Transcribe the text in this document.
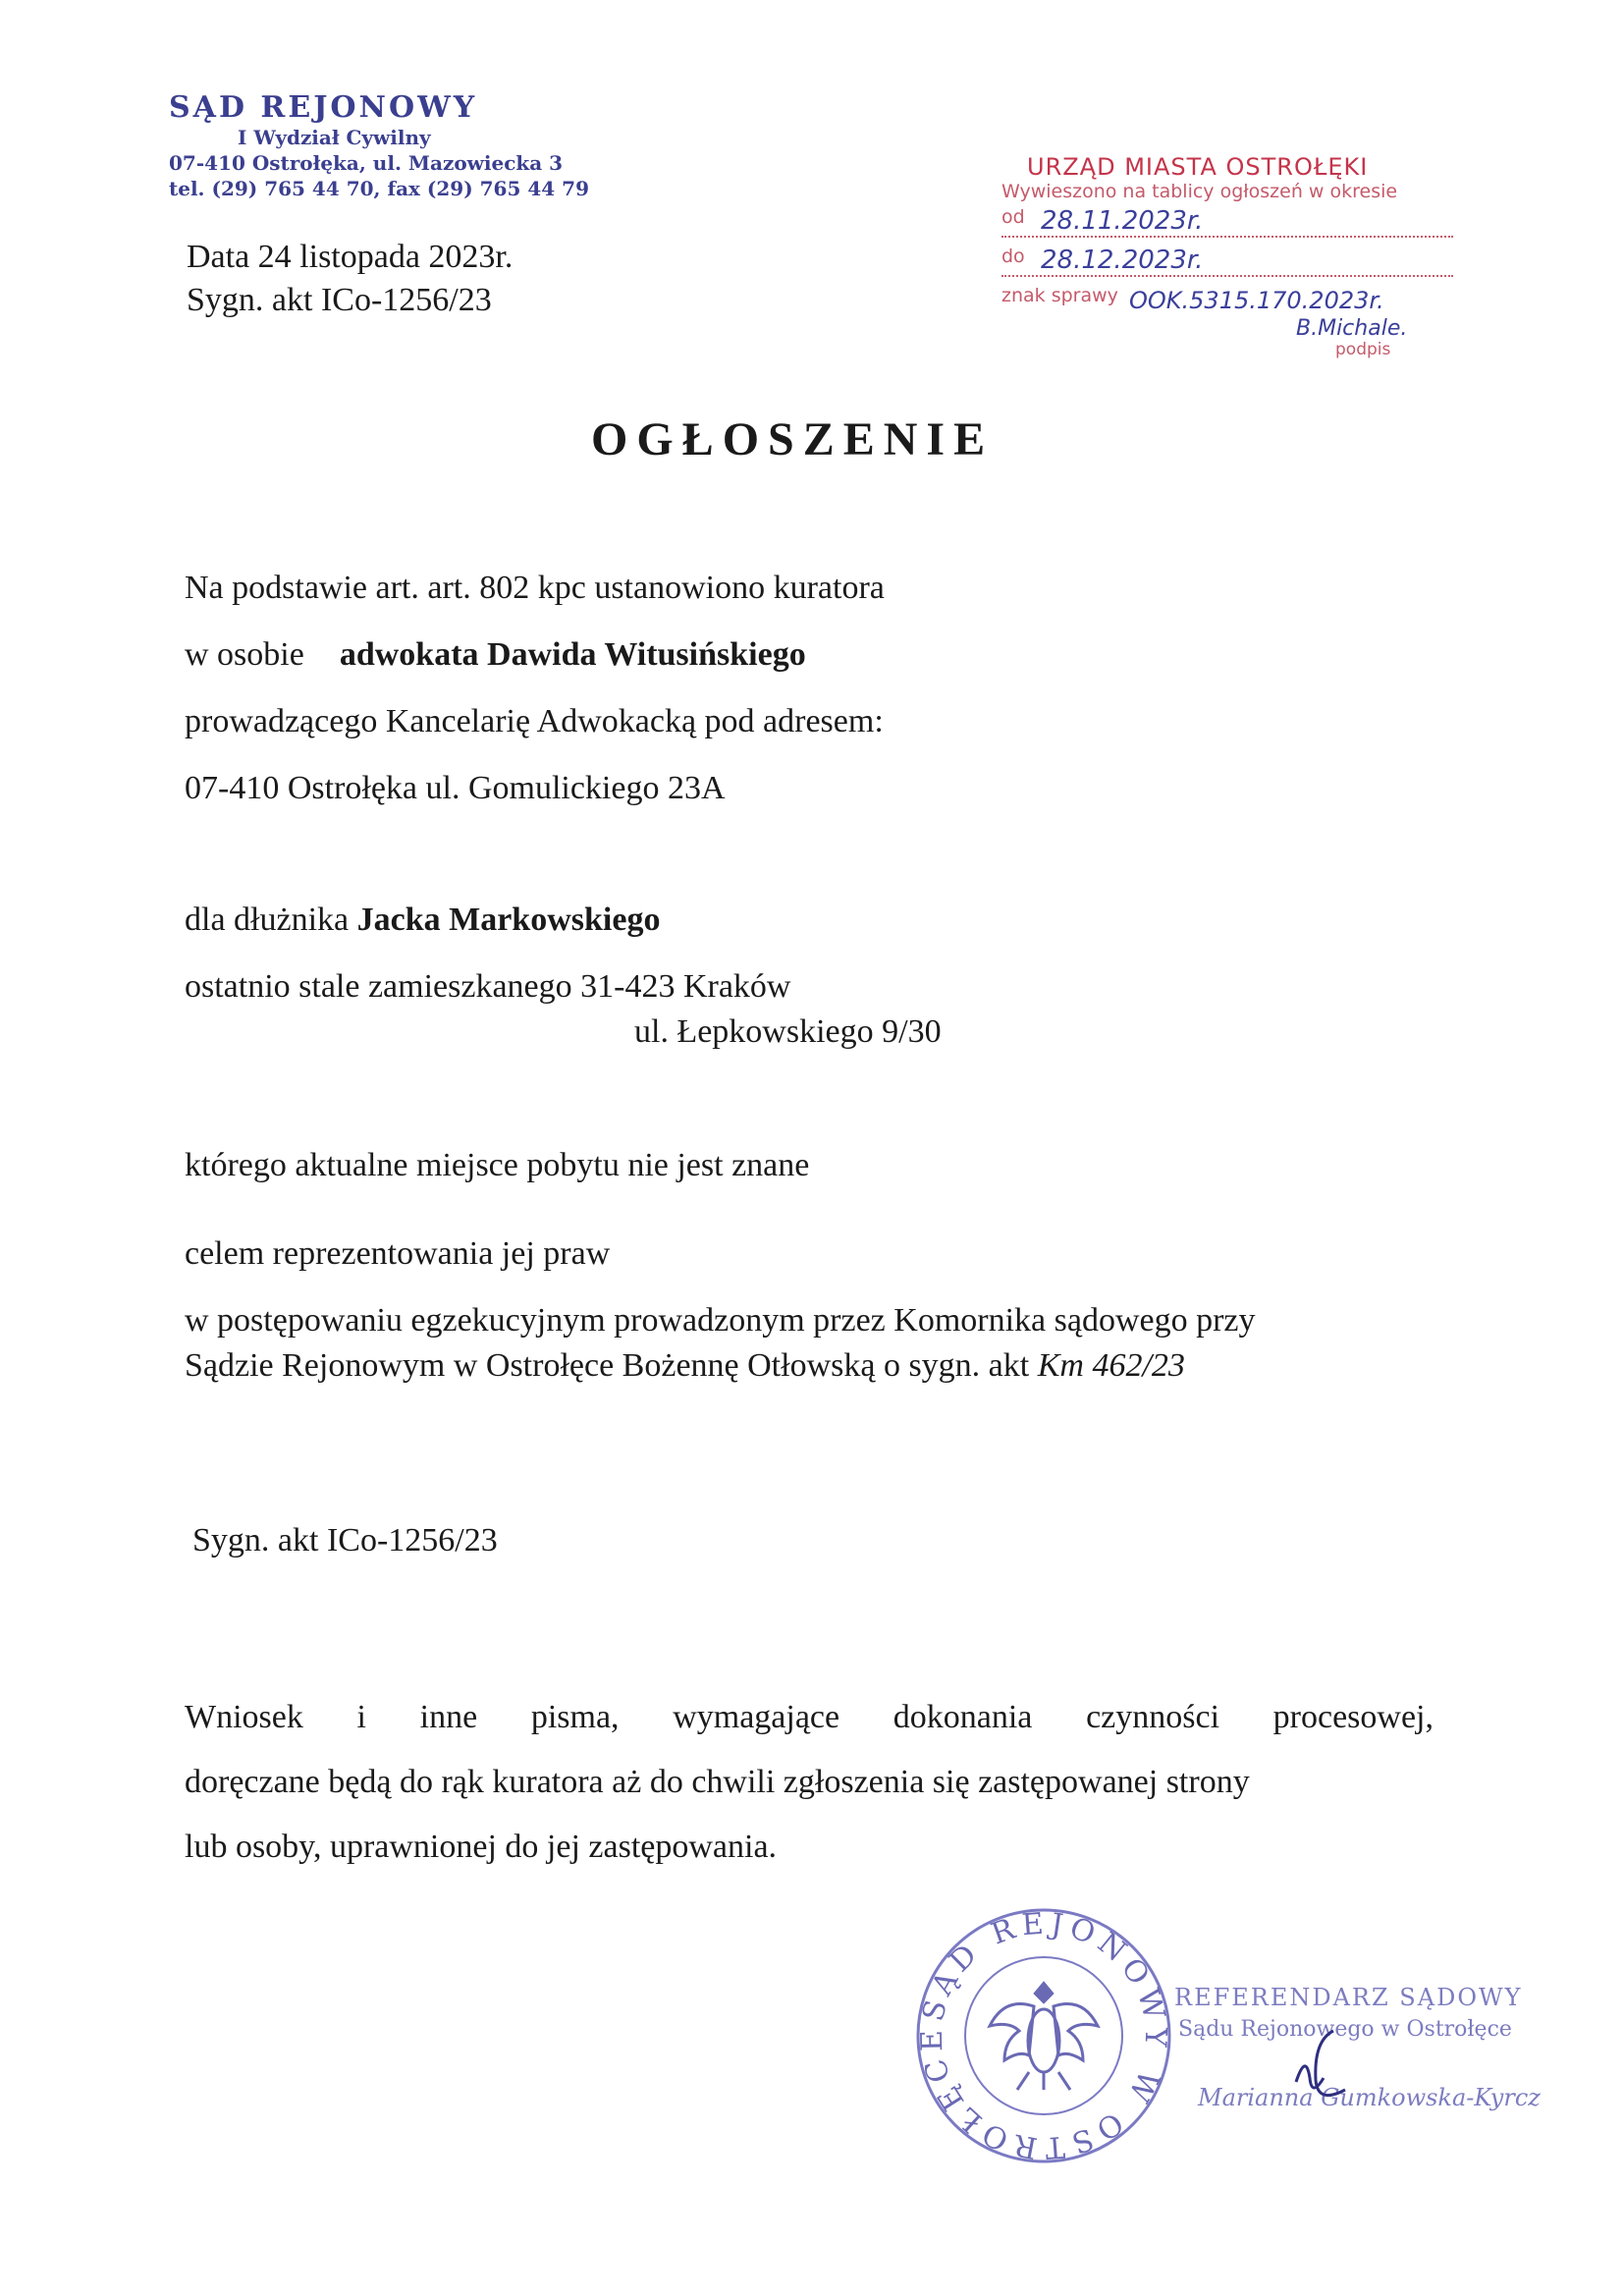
SĄD REJONOWY
I Wydział Cywilny
07-410 Ostrołęka, ul. Mazowiecka 3
tel. (29) 765 44 70, fax (29) 765 44 79
Data 24 listopada 2023r.
Sygn. akt ICo-1256/23
URZĄD MIASTA OSTROŁĘKI
Wywieszono na tablicy ogłoszeń w okresie
od 28.11.2023r.
do 28.12.2023r.
znak sprawy OOK.5315.170.2023r.
B.Michale.
podpis
OGŁOSZENIE
Na podstawie art. art. 802 kpc ustanowiono kuratora
w osobie adwokata Dawida Witusińskiego
prowadzącego Kancelarię Adwokacką pod adresem:
07-410 Ostrołęka ul. Gomulickiego 23A
dla dłużnika Jacka Markowskiego
ostatnio stale zamieszkanego 31-423 Kraków
ul. Łepkowskiego 9/30
którego aktualne miejsce pobytu nie jest znane
celem reprezentowania jej praw
w postępowaniu egzekucyjnym prowadzonym przez Komornika sądowego przy
Sądzie Rejonowym w Ostrołęce Bożennę Otłowską o sygn. akt Km 462/23
Sygn. akt ICo-1256/23
Wniosek i inne pisma, wymagające dokonania czynności procesowej,
doręczane będą do rąk kuratora aż do chwili zgłoszenia się zastępowanej strony
lub osoby, uprawnionej do jej zastępowania.
SĄD REJONOWY W OSTROŁĘCE
REFERENDARZ SĄDOWY
Sądu Rejonowego w Ostrołęce
Marianna Gumkowska-Kyrcz
